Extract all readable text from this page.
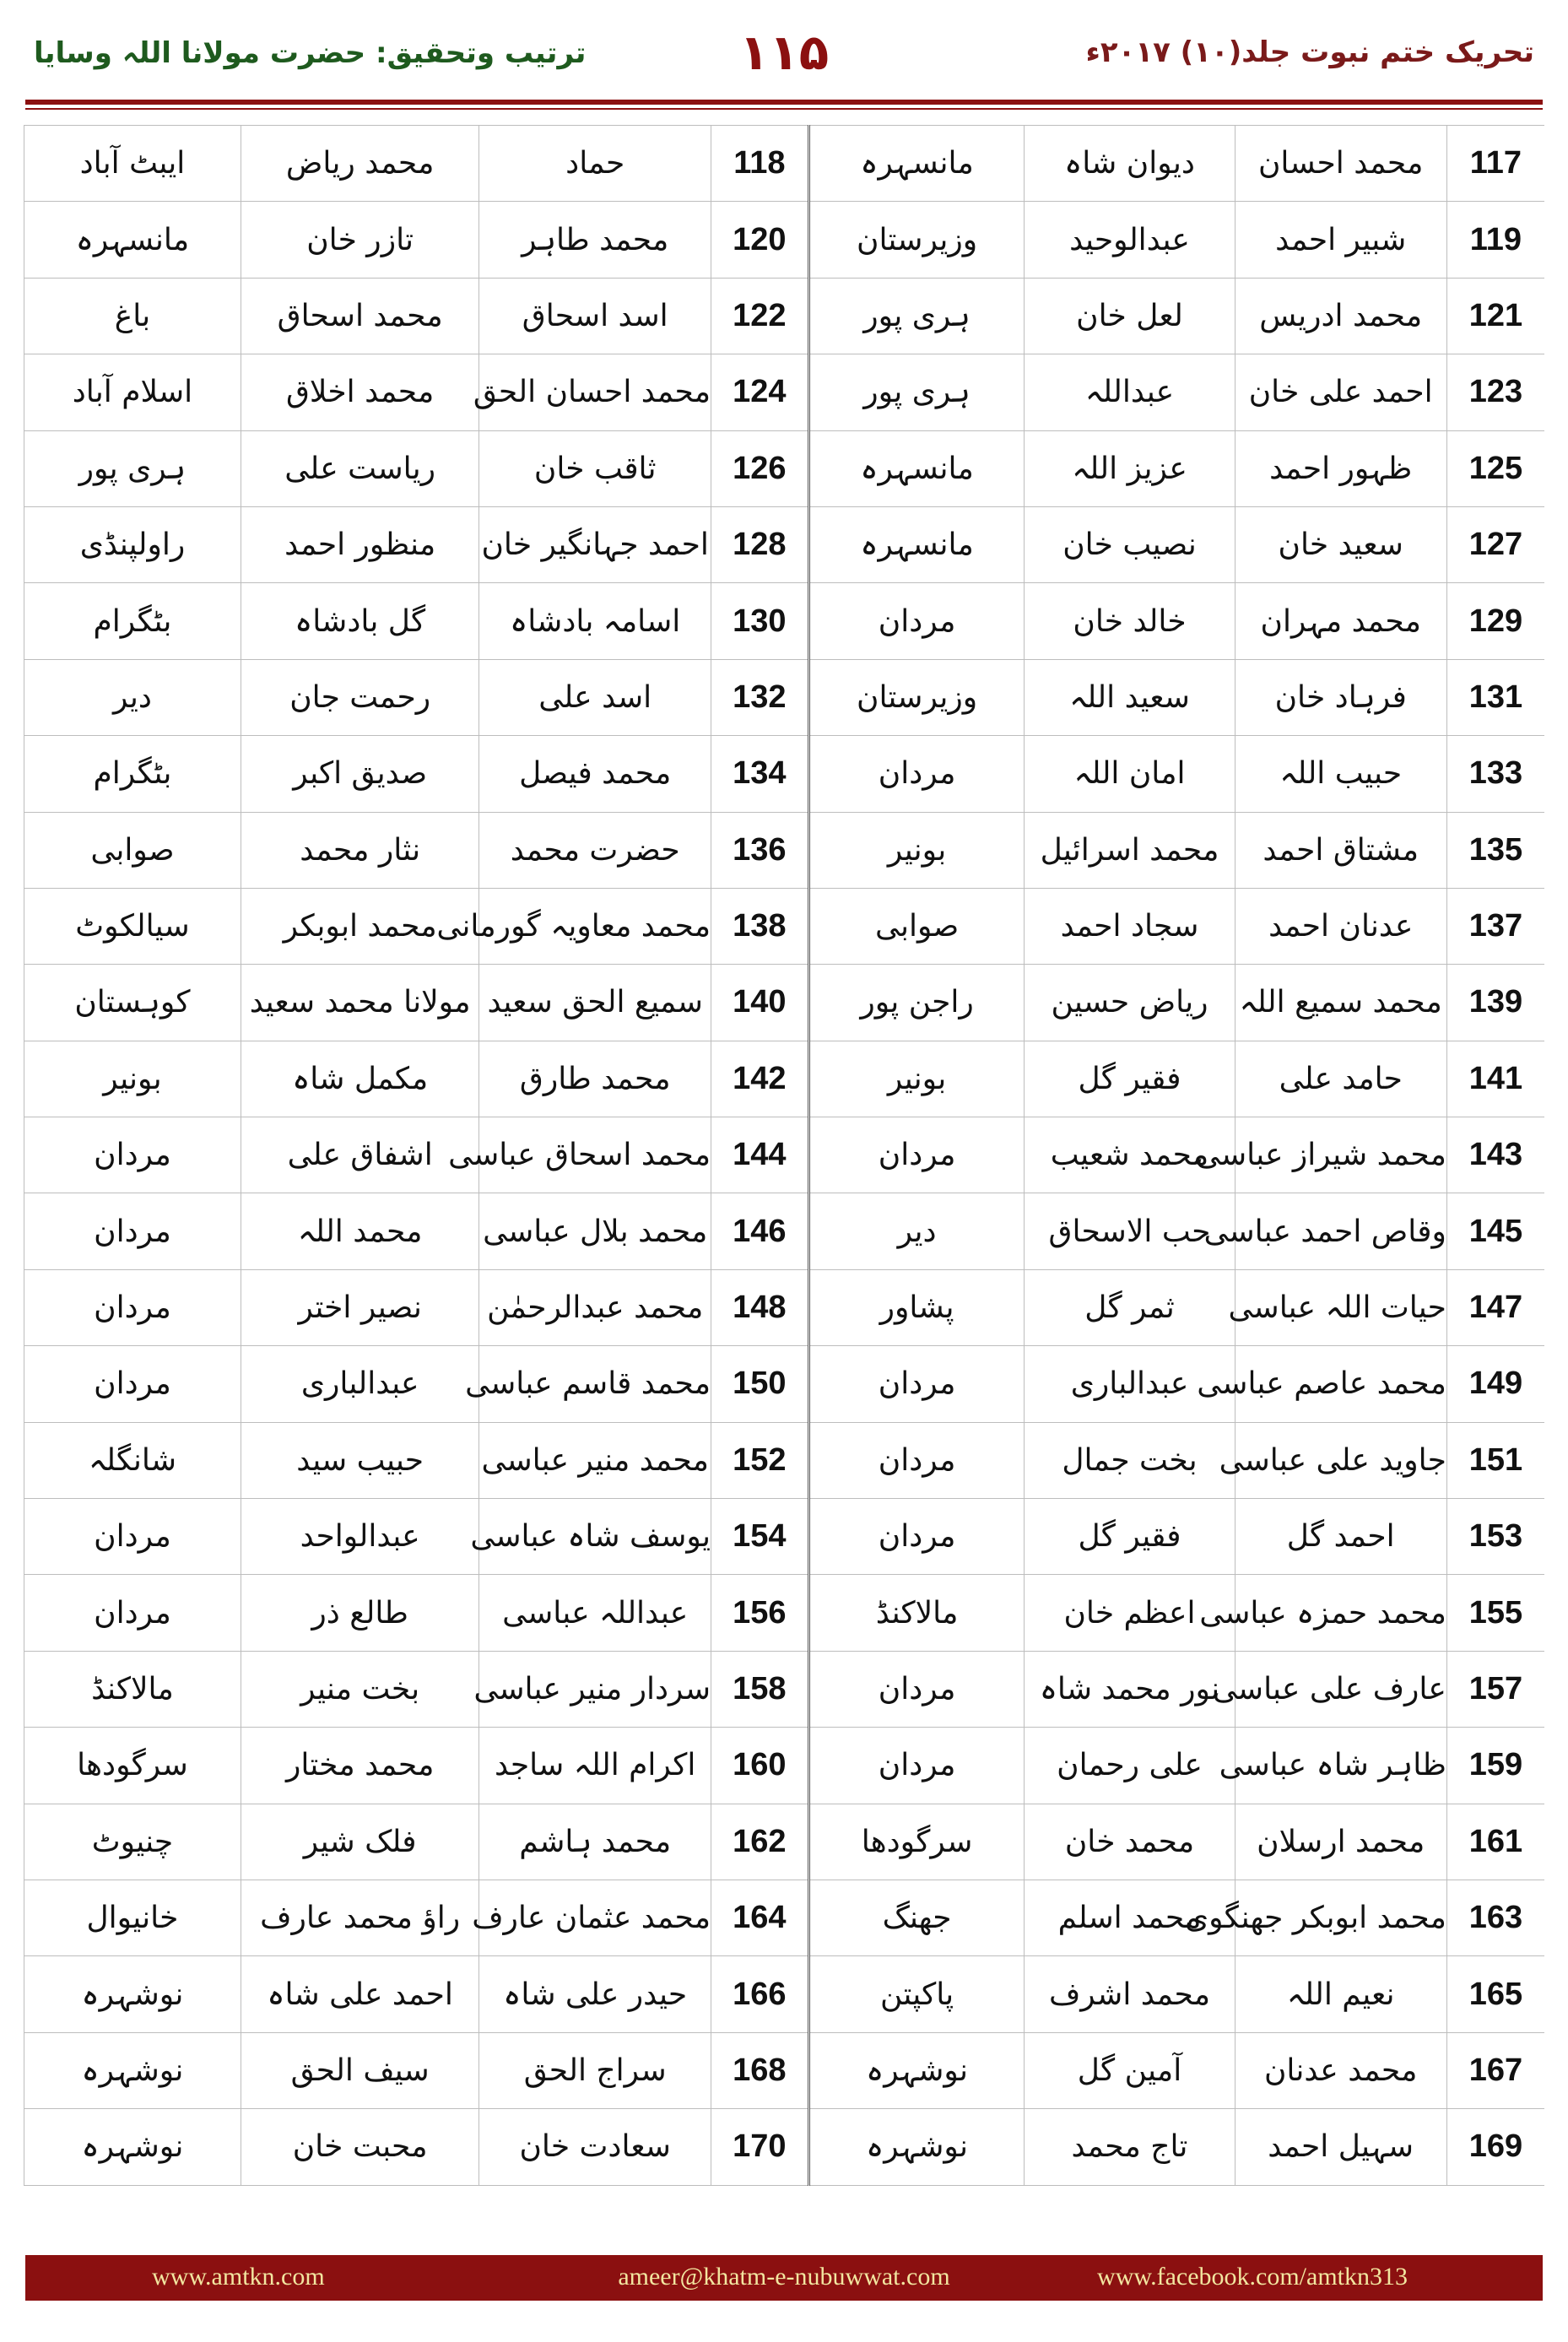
تحریک ختم نبوت جلد(۱۰) ۲۰۱۷ء
۱۱۵
ترتیب وتحقیق: حضرت مولانا اللہ وسایا
117	محمد احسان	دیوان شاہ	مانسہرہ	118	حماد	محمد ریاض	ایبٹ آباد
119	شبیر احمد	عبدالوحید	وزیرستان	120	محمد طاہر	تازر خان	مانسہرہ
121	محمد ادریس	لعل خان	ہری پور	122	اسد اسحاق	محمد اسحاق	باغ
123	احمد علی خان	عبداللہ	ہری پور	124	محمد احسان الحق	محمد اخلاق	اسلام آباد
125	ظہور احمد	عزیز اللہ	مانسہرہ	126	ثاقب خان	ریاست علی	ہری پور
127	سعید خان	نصیب خان	مانسہرہ	128	احمد جہانگیر خان	منظور احمد	راولپنڈی
129	محمد مہران	خالد خان	مردان	130	اسامہ بادشاہ	گل بادشاہ	بٹگرام
131	فرہاد خان	سعید اللہ	وزیرستان	132	اسد علی	رحمت جان	دیر
133	حبیب اللہ	امان اللہ	مردان	134	محمد فیصل	صدیق اکبر	بٹگرام
135	مشتاق احمد	محمد اسرائیل	بونیر	136	حضرت محمد	نثار محمد	صوابی
137	عدنان احمد	سجاد احمد	صوابی	138	محمد معاویہ گورمانی	محمد ابوبکر	سیالکوٹ
139	محمد سمیع اللہ	ریاض حسین	راجن پور	140	سمیع الحق سعید	مولانا محمد سعید	کوہستان
141	حامد علی	فقیر گل	بونیر	142	محمد طارق	مکمل شاہ	بونیر
143	محمد شیراز عباسی	محمد شعیب	مردان	144	محمد اسحاق عباسی	اشفاق علی	مردان
145	وقاص احمد عباسی	حب الاسحاق	دیر	146	محمد بلال عباسی	محمد اللہ	مردان
147	حیات اللہ عباسی	ثمر گل	پشاور	148	محمد عبدالرحمٰن	نصیر اختر	مردان
149	محمد عاصم عباسی	عبدالباری	مردان	150	محمد قاسم عباسی	عبدالباری	مردان
151	جاوید علی عباسی	بخت جمال	مردان	152	محمد منیر عباسی	حبیب سید	شانگلہ
153	احمد گل	فقیر گل	مردان	154	یوسف شاہ عباسی	عبدالواحد	مردان
155	محمد حمزہ عباسی	اعظم خان	مالاکنڈ	156	عبداللہ عباسی	طالع ذر	مردان
157	عارف علی عباسی	نور محمد شاہ	مردان	158	سردار منیر عباسی	بخت منیر	مالاکنڈ
159	ظاہر شاہ عباسی	علی رحمان	مردان	160	اکرام اللہ ساجد	محمد مختار	سرگودھا
161	محمد ارسلان	محمد خان	سرگودھا	162	محمد ہاشم	فلک شیر	چنیوٹ
163	محمد ابوبکر جھنگوی	محمد اسلم	جھنگ	164	محمد عثمان عارف	راؤ محمد عارف	خانیوال
165	نعیم اللہ	محمد اشرف	پاکپتن	166	حیدر علی شاہ	احمد علی شاہ	نوشہرہ
167	محمد عدنان	آمین گل	نوشہرہ	168	سراج الحق	سیف الحق	نوشہرہ
169	سہیل احمد	تاج محمد	نوشہرہ	170	سعادت خان	محبت خان	نوشہرہ
www.amtkn.com	ameer@khatm-e-nubuwwat.com	www.facebook.com/amtkn313
